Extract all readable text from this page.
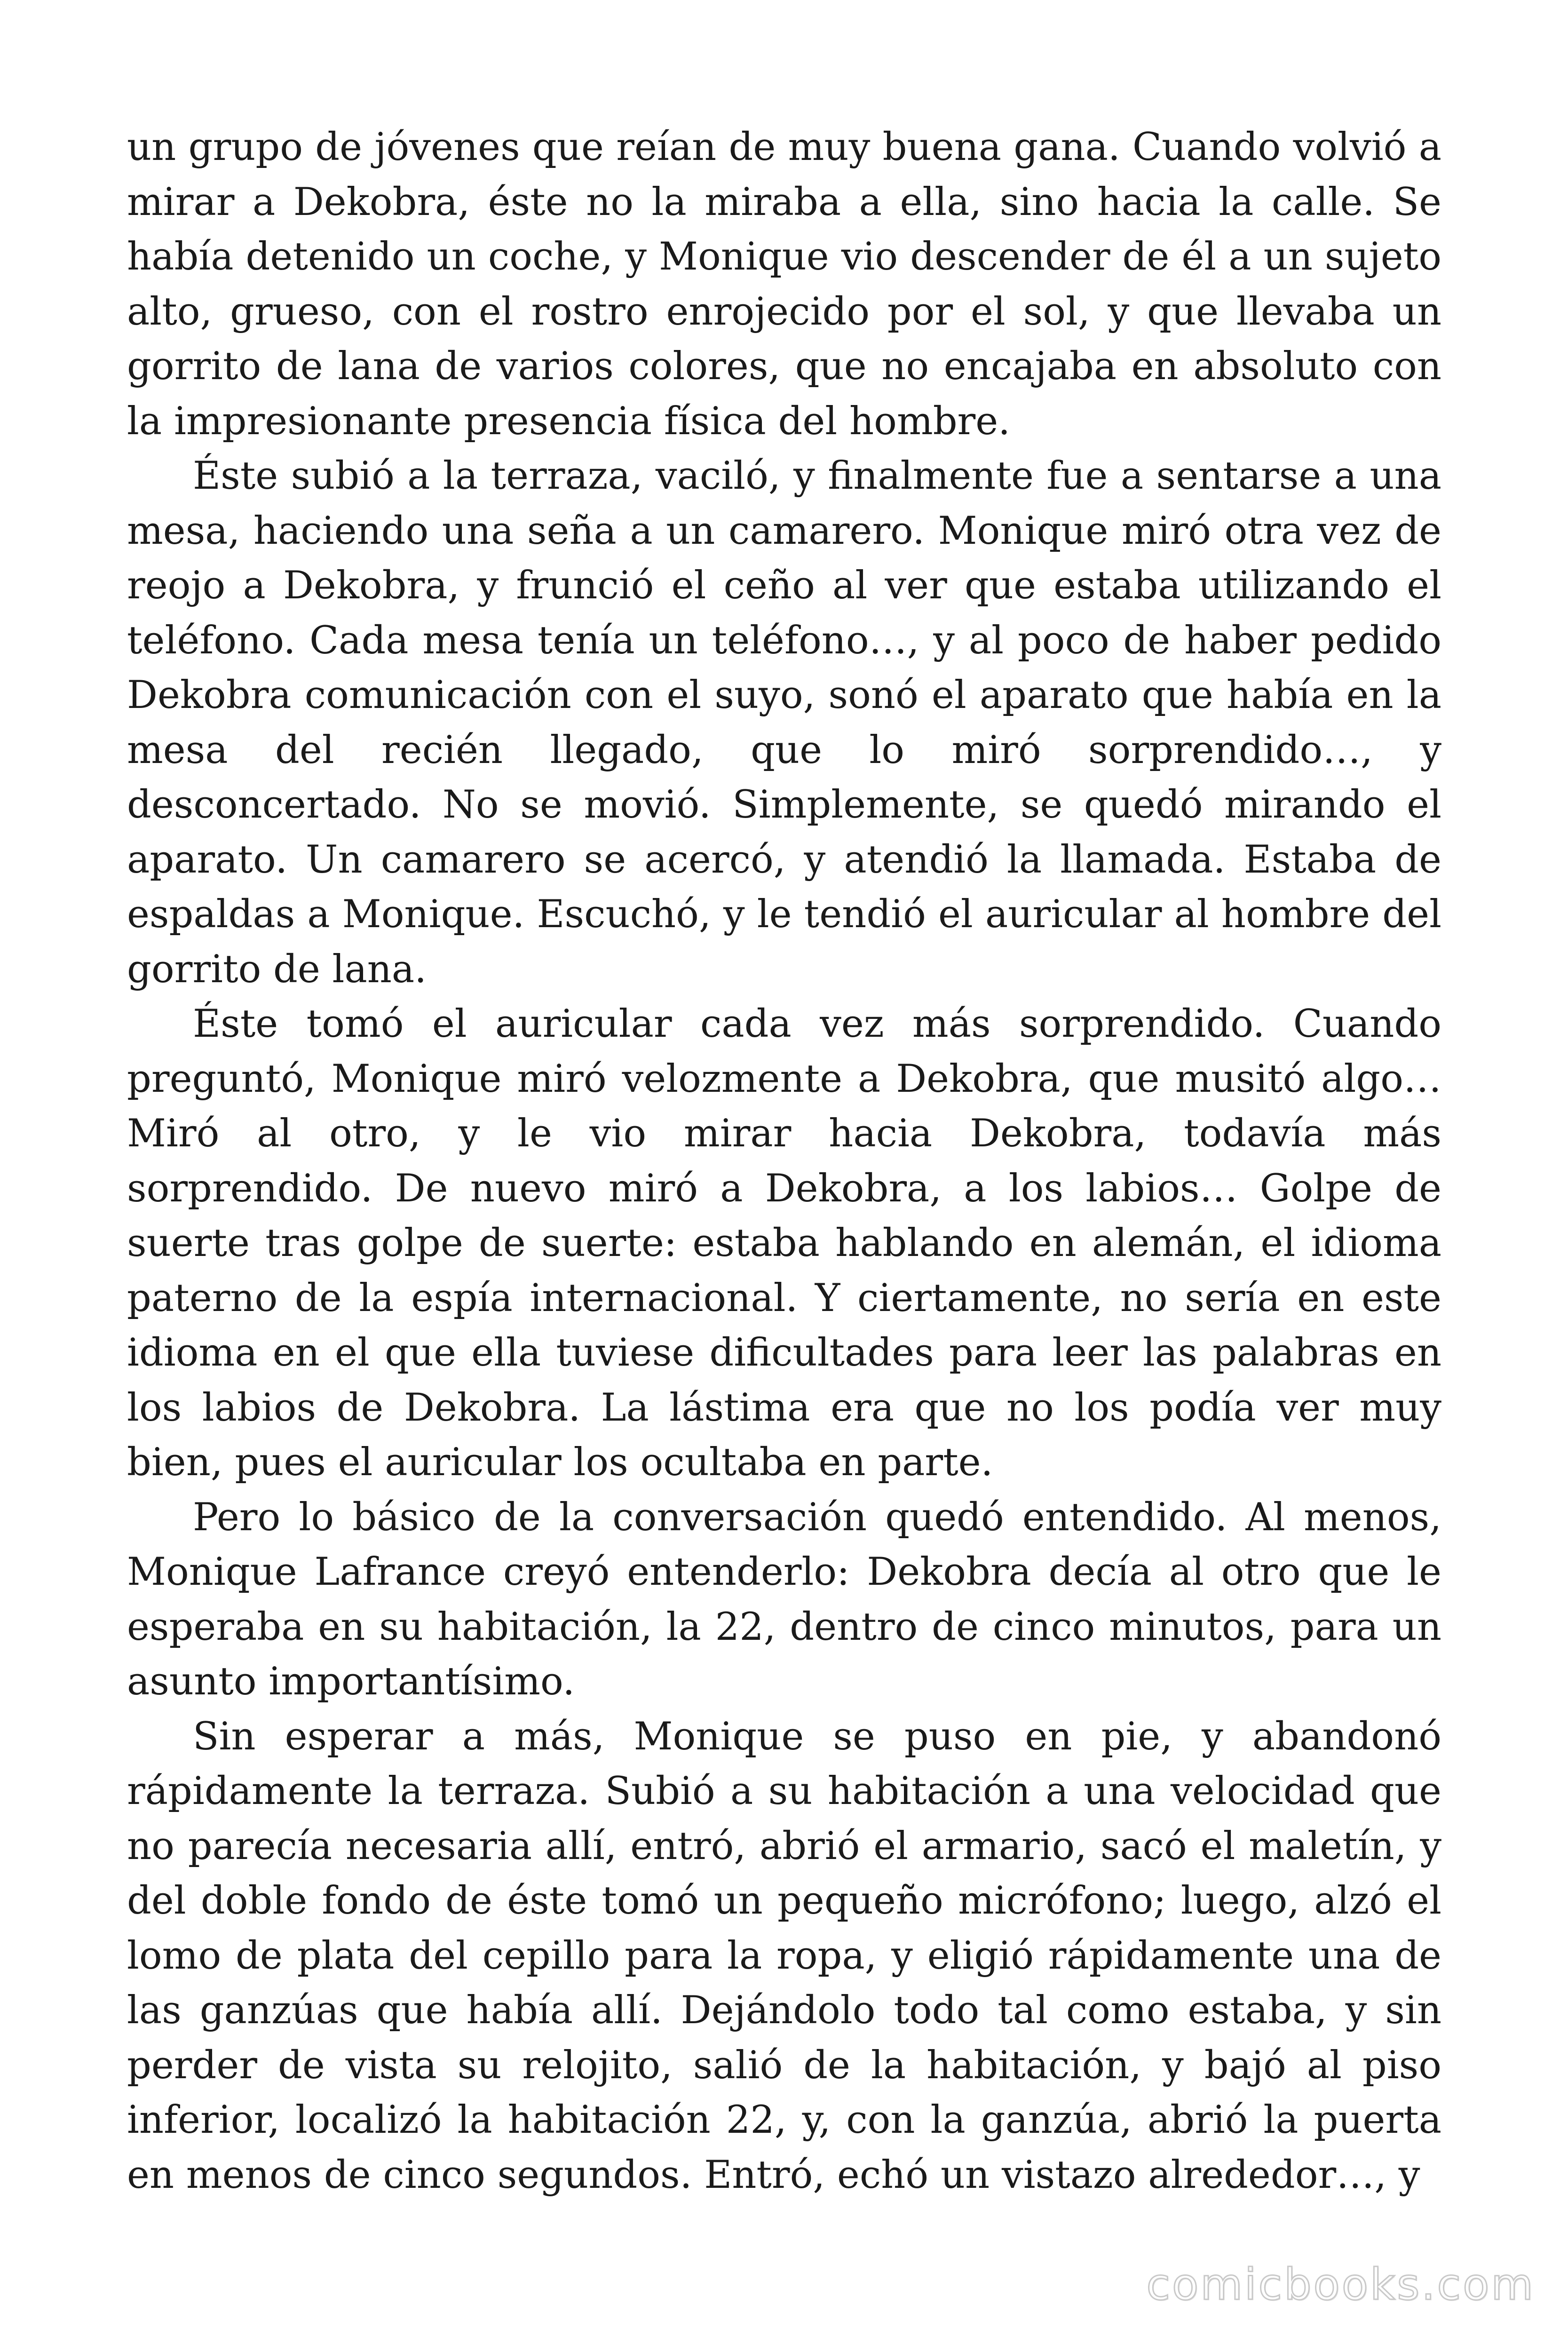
un grupo de jóvenes que reían de muy buena gana. Cuando volvió a mirar a Dekobra, éste no la miraba a ella, sino hacia la calle. Se había detenido un coche, y Monique vio descender de él a un sujeto alto, grueso, con el rostro enrojecido por el sol, y que llevaba un gorrito de lana de varios colores, que no encajaba en absoluto con la impresionante presencia física del hombre.

Éste subió a la terraza, vaciló, y finalmente fue a sentarse a una mesa, haciendo una seña a un camarero. Monique miró otra vez de reojo a Dekobra, y frunció el ceño al ver que estaba utilizando el teléfono. Cada mesa tenía un teléfono…, y al poco de haber pedido Dekobra comunicación con el suyo, sonó el aparato que había en la mesa del recién llegado, que lo miró sorprendido…, y desconcertado. No se movió. Simplemente, se quedó mirando el aparato. Un camarero se acercó, y atendió la llamada. Estaba de espaldas a Monique. Escuchó, y le tendió el auricular al hombre del gorrito de lana.

Éste tomó el auricular cada vez más sorprendido. Cuando preguntó, Monique miró velozmente a Dekobra, que musitó algo… Miró al otro, y le vio mirar hacia Dekobra, todavía más sorprendido. De nuevo miró a Dekobra, a los labios… Golpe de suerte tras golpe de suerte: estaba hablando en alemán, el idioma paterno de la espía internacional. Y ciertamente, no sería en este idioma en el que ella tuviese dificultades para leer las palabras en los labios de Dekobra. La lástima era que no los podía ver muy bien, pues el auricular los ocultaba en parte.

Pero lo básico de la conversación quedó entendido. Al menos, Monique Lafrance creyó entenderlo: Dekobra decía al otro que le esperaba en su habitación, la 22, dentro de cinco minutos, para un asunto importantísimo.

Sin esperar a más, Monique se puso en pie, y abandonó rápidamente la terraza. Subió a su habitación a una velocidad que no parecía necesaria allí, entró, abrió el armario, sacó el maletín, y del doble fondo de éste tomó un pequeño micrófono; luego, alzó el lomo de plata del cepillo para la ropa, y eligió rápidamente una de las ganzúas que había allí. Dejándolo todo tal como estaba, y sin perder de vista su relojito, salió de la habitación, y bajó al piso inferior, localizó la habitación 22, y, con la ganzúa, abrió la puerta en menos de cinco segundos. Entró, echó un vistazo alrededor…, y

comicbooks.com
